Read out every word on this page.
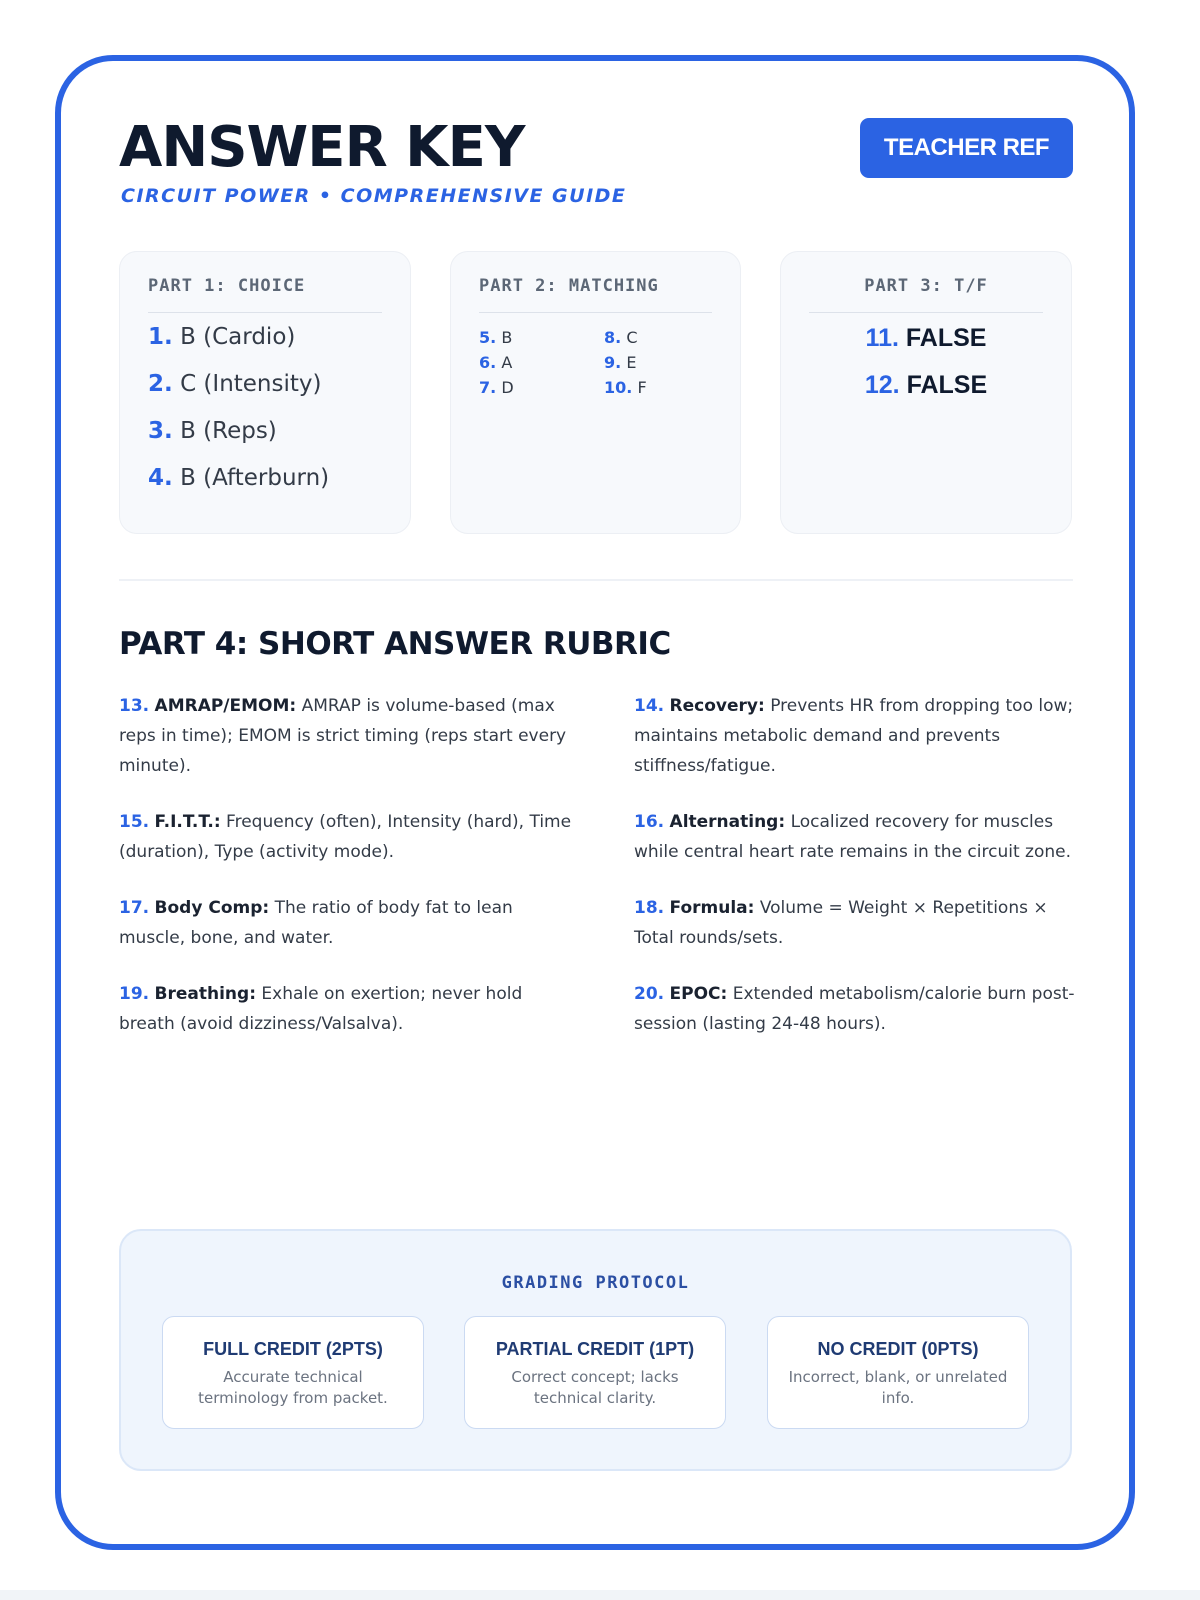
ANSWER KEY
CIRCUIT POWER • COMPREHENSIVE GUIDE
TEACHER REF
PART 1: CHOICE
1. B (Cardio)
2. C (Intensity)
3. B (Reps)
4. B (Afterburn)
PART 2: MATCHING
5. B
6. A
7. D
8. C
9. E
10. F
PART 3: T/F
11. FALSE
12. FALSE
PART 4: SHORT ANSWER RUBRIC

13. AMRAP/EMOM: AMRAP is volume-based (max reps in time); EMOM is strict timing (reps start every minute).

14. Recovery: Prevents HR from dropping too low; maintains metabolic demand and prevents stiffness/fatigue.

15. F.I.T.T.: Frequency (often), Intensity (hard), Time (duration), Type (activity mode).

16. Alternating: Localized recovery for muscles while central heart rate remains in the circuit zone.

17. Body Comp: The ratio of body fat to lean muscle, bone, and water.

18. Formula: Volume = Weight × Repetitions × Total rounds/sets.

19. Breathing: Exhale on exertion; never hold breath (avoid dizziness/Valsalva).

20. EPOC: Extended metabolism/calorie burn post-session (lasting 24-48 hours).

GRADING PROTOCOL
FULL CREDIT (2PTS)
Accurate technical terminology from packet.
PARTIAL CREDIT (1PT)
Correct concept; lacks technical clarity.
NO CREDIT (0PTS)
Incorrect, blank, or unrelated info.
